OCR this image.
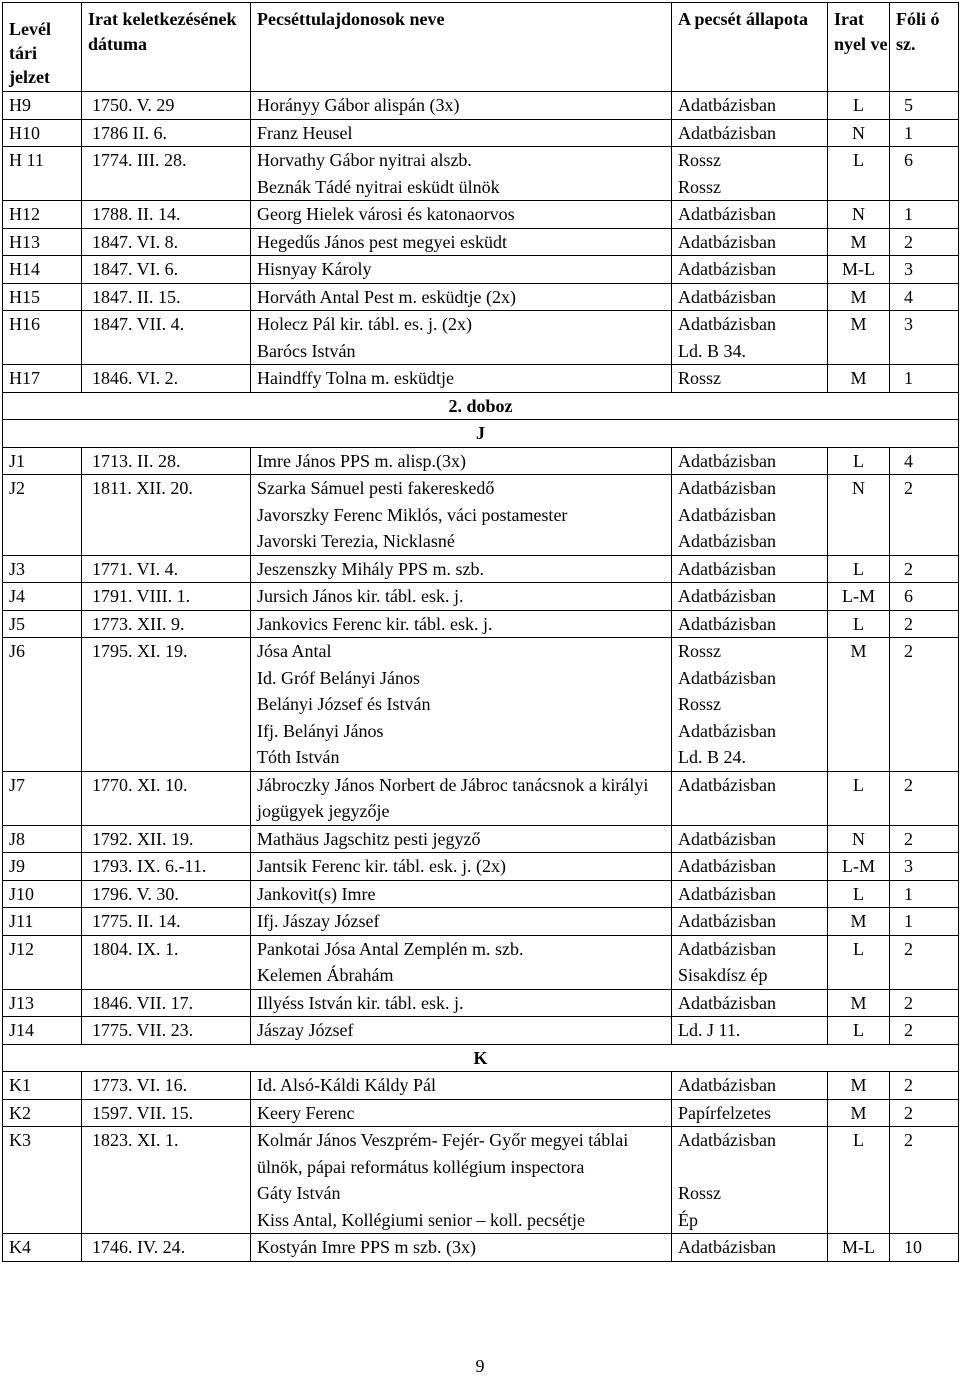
Levél tári jelzet	Irat keletkezésének dátuma	Pecséttulajdonosok neve	A pecsét állapota	Irat nyel ve	Fóli ó sz.
H9	1750. V. 29	Horányy Gábor alispán (3x)	Adatbázisban	L	5
H10	1786 II. 6.	Franz Heusel	Adatbázisban	N	1
H 11	1774. III. 28.	Horvathy Gábor nyitrai alszb.	Rossz	L	6
		Beznák Tádé nyitrai esküdt ülnök	Rossz		
H12	1788. II. 14.	Georg Hielek városi és katonaorvos	Adatbázisban	N	1
H13	1847. VI. 8.	Hegedűs János pest megyei esküdt	Adatbázisban	M	2
H14	1847. VI. 6.	Hisnyay Károly	Adatbázisban	M-L	3
H15	1847. II. 15.	Horváth Antal Pest m. esküdtje (2x)	Adatbázisban	M	4
H16	1847. VII. 4.	Holecz Pál kir. tábl. es. j. (2x)	Adatbázisban	M	3
		Barócs István	Ld. B 34.		
H17	1846. VI. 2.	Haindffy Tolna m. esküdtje	Rossz	M	1
2. doboz					
J					
J1	1713. II. 28.	Imre János PPS m. alisp.(3x)	Adatbázisban	L	4
J2	1811. XII. 20.	Szarka Sámuel pesti fakereskedő	Adatbázisban	N	2
		Javorszky Ferenc Miklós, váci postamester	Adatbázisban		
		Javorski Terezia, Nicklasné	Adatbázisban		
J3	1771. VI. 4.	Jeszenszky Mihály PPS m. szb.	Adatbázisban	L	2
J4	1791. VIII. 1.	Jursich János kir. tábl. esk. j.	Adatbázisban	L-M	6
J5	1773. XII. 9.	Jankovics Ferenc kir. tábl. esk. j.	Adatbázisban	L	2
J6	1795. XI. 19.	Jósa Antal	Rossz	M	2
		Id. Gróf Belányi János	Adatbázisban		
		Belányi József és István	Rossz		
		Ifj. Belányi János	Adatbázisban		
		Tóth István	Ld. B 24.		
J7	1770. XI. 10.	Jábroczky János Norbert de Jábroc tanácsnok a királyi jogügyek jegyzője	Adatbázisban	L	2
J8	1792. XII. 19.	Mathäus Jagschitz pesti jegyző	Adatbázisban	N	2
J9	1793. IX. 6.-11.	Jantsik Ferenc kir. tábl. esk. j. (2x)	Adatbázisban	L-M	3
J10	1796. V. 30.	Jankovit(s) Imre	Adatbázisban	L	1
J11	1775. II. 14.	Ifj. Jászay József	Adatbázisban	M	1
J12	1804. IX. 1.	Pankotai Jósa Antal Zemplén m. szb.	Adatbázisban	L	2
		Kelemen Ábrahám	Sisakdísz ép		
J13	1846. VII. 17.	Illyéss István kir. tábl. esk. j.	Adatbázisban	M	2
J14	1775. VII. 23.	Jászay József	Ld. J 11.	L	2
K					
K1	1773. VI. 16.	Id. Alsó-Káldi Káldy Pál	Adatbázisban	M	2
K2	1597. VII. 15.	Keery Ferenc	Papírfelzetes	M	2
K3	1823. XI. 1.	Kolmár János Veszprém- Fejér- Győr megyei táblai ülnök, pápai református kollégium inspectora	Adatbázisban	L	2
		Gáty István	Rossz		
		Kiss Antal, Kollégiumi senior – koll. pecsétje	Ép		
K4	1746. IV. 24.	Kostyán Imre PPS m szb. (3x)	Adatbázisban	M-L	10
9
